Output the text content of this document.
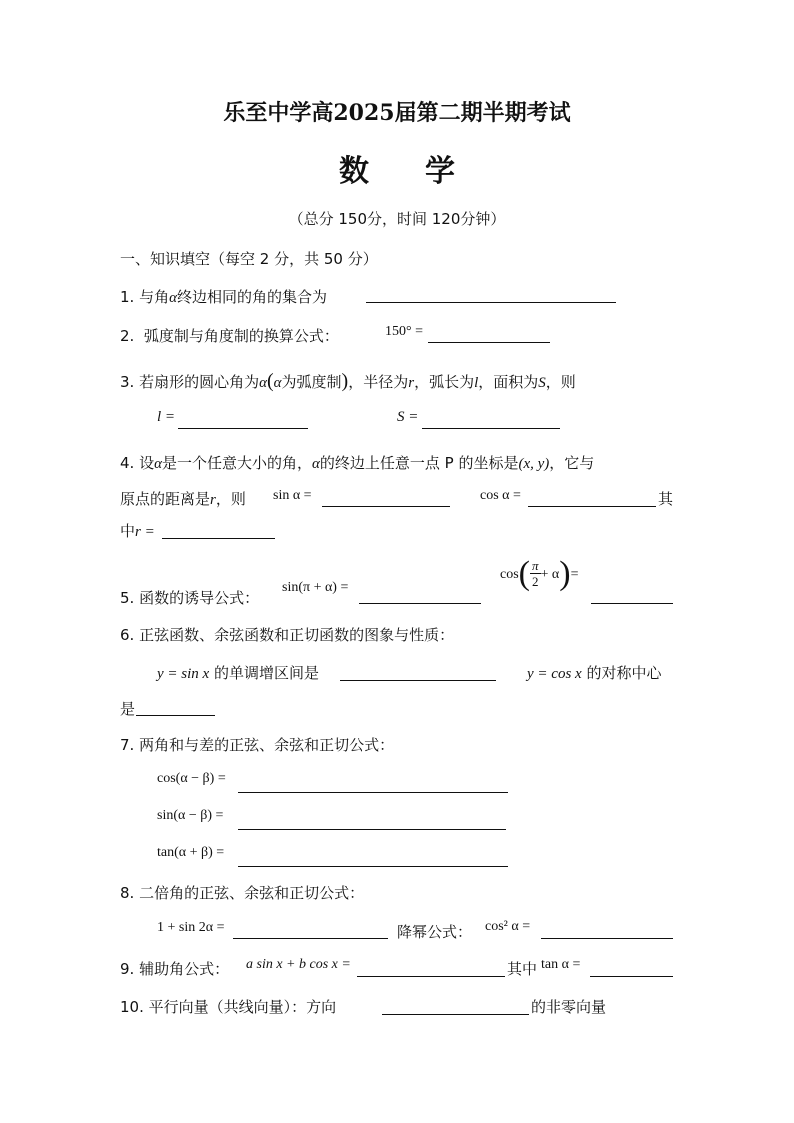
乐至中学高2025届第二期半期考试
数学
（总分 150分，时间 120分钟）
一、知识填空（每空 2 分，共 50 分）
1. 与角α终边相同的角的集合为
2. 弧度制与角度制的换算公式：	150° =
3. 若扇形的圆心角为α(α为弧度制)，半径为r，弧长为l，面积为S，则
l =	S =
4. 设α是一个任意大小的角，α的终边上任意一点 P 的坐标是(x, y)，它与
原点的距离是r，则 sin α =	cos α =	其
中r =
5. 函数的诱导公式：
sin(π + α) =
$\cos( \frac{\pi}{2} + \alpha)=$
6. 正弦函数、余弦函数和正切函数的图象与性质：
y = sin x 的单调增区间是	y = cos x 的对称中心
是
7. 两角和与差的正弦、余弦和正切公式：
cos(α − β) =
sin(α − β) =
tan(α + β) =
8. 二倍角的正弦、余弦和正切公式：
1 + sin 2α =	降幂公式： cos² α =
9. 辅助角公式： a sin x + b cos x =	其中 tan α =
10. 平行向量（共线向量）：方向	的非零向量
